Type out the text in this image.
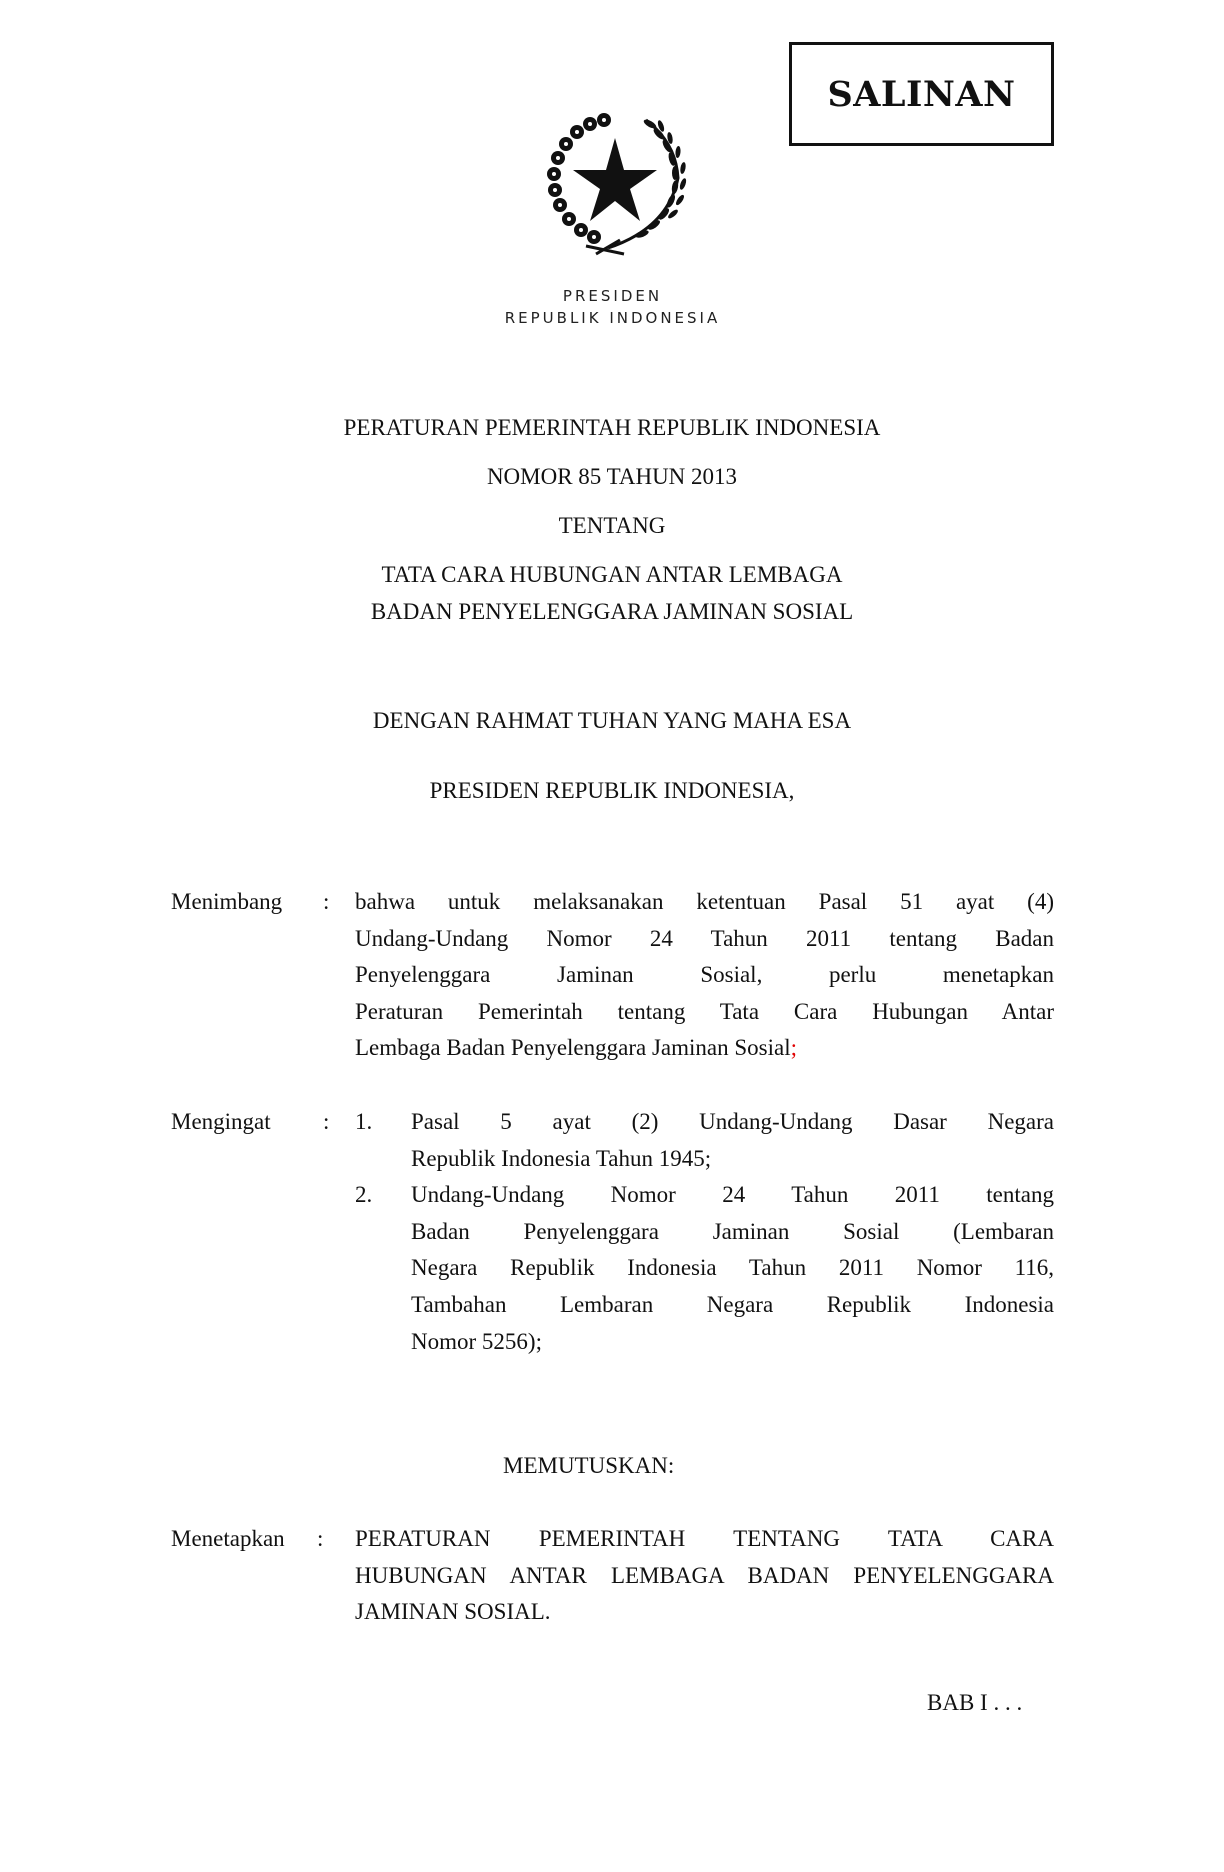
SALINAN
PRESIDEN
REPUBLIK INDONESIA
PERATURAN PEMERINTAH REPUBLIK INDONESIA
NOMOR 85 TAHUN 2013
TENTANG
TATA CARA HUBUNGAN ANTAR LEMBAGA
BADAN PENYELENGGARA JAMINAN SOSIAL
DENGAN RAHMAT TUHAN YANG MAHA ESA
PRESIDEN REPUBLIK INDONESIA,
Menimbang : bahwa untuk melaksanakan ketentuan Pasal 51 ayat (4)
Undang-Undang Nomor 24 Tahun 2011 tentang Badan
Penyelenggara Jaminan Sosial, perlu menetapkan
Peraturan Pemerintah tentang Tata Cara Hubungan Antar
Lembaga Badan Penyelenggara Jaminan Sosial;
Mengingat : 1. Pasal 5 ayat (2) Undang-Undang Dasar Negara
Republik Indonesia Tahun 1945;
2. Undang-Undang Nomor 24 Tahun 2011 tentang
Badan Penyelenggara Jaminan Sosial (Lembaran
Negara Republik Indonesia Tahun 2011 Nomor 116,
Tambahan Lembaran Negara Republik Indonesia
Nomor 5256);
MEMUTUSKAN:
Menetapkan : PERATURAN PEMERINTAH TENTANG TATA CARA
HUBUNGAN ANTAR LEMBAGA BADAN PENYELENGGARA
JAMINAN SOSIAL.
BAB I . . .
